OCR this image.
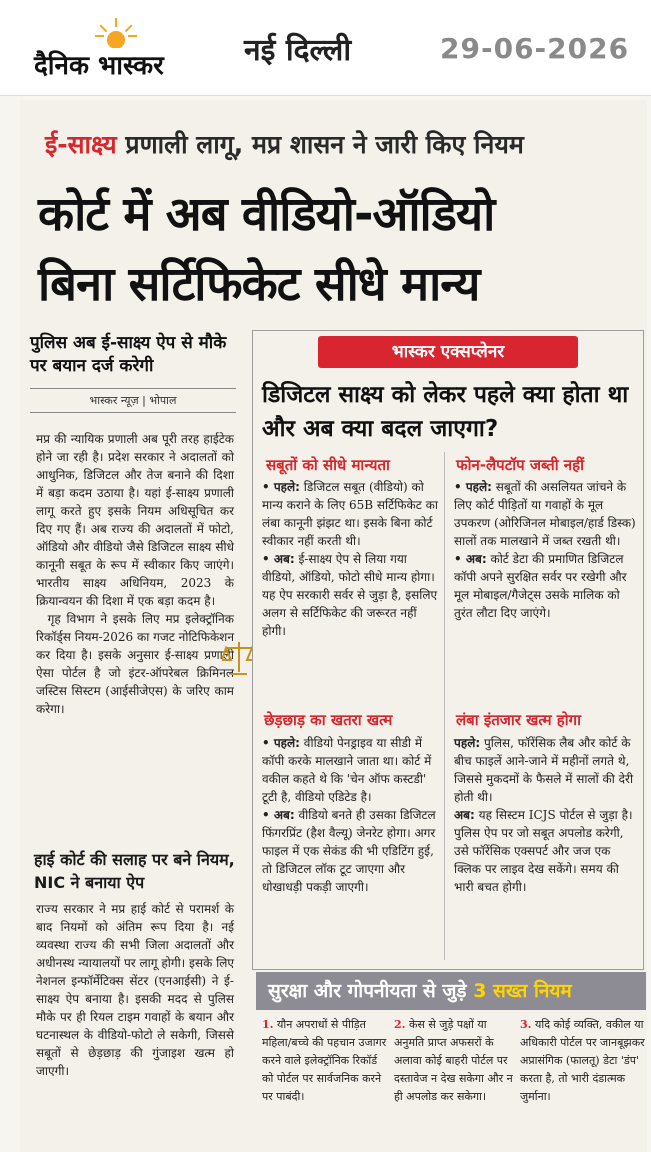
दैनिक भास्कर	नई दिल्ली	29-06-2026
ई-साक्ष्य प्रणाली लागू, मप्र शासन ने जारी किए नियम
कोर्ट में अब वीडियो-ऑडियो
बिना सर्टिफिकेट सीधे मान्य
पुलिस अब ई-साक्ष्य ऐप से मौके पर बयान दर्ज करेगी
भास्कर न्यूज़ | भोपाल
मप्र की न्यायिक प्रणाली अब पूरी तरह हाईटेक होने जा रही है। प्रदेश सरकार ने अदालतों को आधुनिक, डिजिटल और तेज बनाने की दिशा में बड़ा कदम उठाया है। यहां ई-साक्ष्य प्रणाली लागू करते हुए इसके नियम अधिसूचित कर दिए गए हैं। अब राज्य की अदालतों में फोटो, ऑडियो और वीडियो जैसे डिजिटल साक्ष्य सीधे कानूनी सबूत के रूप में स्वीकार किए जाएंगे। भारतीय साक्ष्य अधिनियम, 2023 के क्रियान्वयन की दिशा में एक बड़ा कदम है।
गृह विभाग ने इसके लिए मप्र इलेक्ट्रॉनिक रिकॉर्ड्स नियम-2026 का गजट नोटिफिकेशन कर दिया है। इसके अनुसार ई-साक्ष्य प्रणाली ऐसा पोर्टल है जो इंटर-ऑपरेबल क्रिमिनल जस्टिस सिस्टम (आईसीजेएस) के जरिए काम करेगा।
हाई कोर्ट की सलाह पर बने नियम, NIC ने बनाया ऐप
राज्य सरकार ने मप्र हाई कोर्ट से परामर्श के बाद नियमों को अंतिम रूप दिया है। नई व्यवस्था राज्य की सभी जिला अदालतों और अधीनस्थ न्यायालयों पर लागू होगी। इसके लिए नेशनल इन्फॉर्मेटिक्स सेंटर (एनआईसी) ने ई-साक्ष्य ऐप बनाया है। इसकी मदद से पुलिस मौके पर ही रियल टाइम गवाहों के बयान और घटनास्थल के वीडियो-फोटो ले सकेगी, जिससे सबूतों से छेड़छाड़ की गुंजाइश खत्म हो जाएगी।
भास्कर एक्सप्लेनर
डिजिटल साक्ष्य को लेकर पहले क्या होता था और अब क्या बदल जाएगा?
सबूतों को सीधे मान्यता
• पहले: डिजिटल सबूत (वीडियो) को मान्य कराने के लिए 65B सर्टिफिकेट का लंबा कानूनी झंझट था। इसके बिना कोर्ट स्वीकार नहीं करती थी।
• अब: ई-साक्ष्य ऐप से लिया गया वीडियो, ऑडियो, फोटो सीधे मान्य होगा। यह ऐप सरकारी सर्वर से जुड़ा है, इसलिए अलग से सर्टिफिकेट की जरूरत नहीं होगी।
फोन-लैपटॉप जब्ती नहीं
• पहले: सबूतों की असलियत जांचने के लिए कोर्ट पीड़ितों या गवाहों के मूल उपकरण (ओरिजिनल मोबाइल/हार्ड डिस्क) सालों तक मालखाने में जब्त रखती थी।
• अब: कोर्ट डेटा की प्रमाणित डिजिटल कॉपी अपने सुरक्षित सर्वर पर रखेगी और मूल मोबाइल/गैजेट्स उसके मालिक को तुरंत लौटा दिए जाएंगे।
छेड़छाड़ का खतरा खत्म
• पहले: वीडियो पेनड्राइव या सीडी में कॉपी करके मालखाने जाता था। कोर्ट में वकील कहते थे कि 'चेन ऑफ कस्टडी' टूटी है, वीडियो एडिटेड है।
• अब: वीडियो बनते ही उसका डिजिटल फिंगरप्रिंट (हैश वैल्यू) जेनरेट होगा। अगर फाइल में एक सेकंड की भी एडिटिंग हुई, तो डिजिटल लॉक टूट जाएगा और धोखाधड़ी पकड़ी जाएगी।
लंबा इंतजार खत्म होगा
पहले: पुलिस, फॉरेंसिक लैब और कोर्ट के बीच फाइलें आने-जाने में महीनों लगते थे, जिससे मुकदमों के फैसले में सालों की देरी होती थी।
अब: यह सिस्टम ICJS पोर्टल से जुड़ा है। पुलिस ऐप पर जो सबूत अपलोड करेगी, उसे फॉरेंसिक एक्सपर्ट और जज एक क्लिक पर लाइव देख सकेंगे। समय की भारी बचत होगी।
सुरक्षा और गोपनीयता से जुड़े 3 सख्त नियम
1. यौन अपराधों से पीड़ित महिला/बच्चे की पहचान उजागर करने वाले इलेक्ट्रॉनिक रिकॉर्ड को पोर्टल पर सार्वजनिक करने पर पाबंदी।
2. केस से जुड़े पक्षों या अनुमति प्राप्त अफसरों के अलावा कोई बाहरी पोर्टल पर दस्तावेज न देख सकेगा और न ही अपलोड कर सकेगा।
3. यदि कोई व्यक्ति, वकील या अधिकारी पोर्टल पर जानबूझकर अप्रासंगिक (फालतू) डेटा 'डंप' करता है, तो भारी दंडात्मक जुर्माना।
